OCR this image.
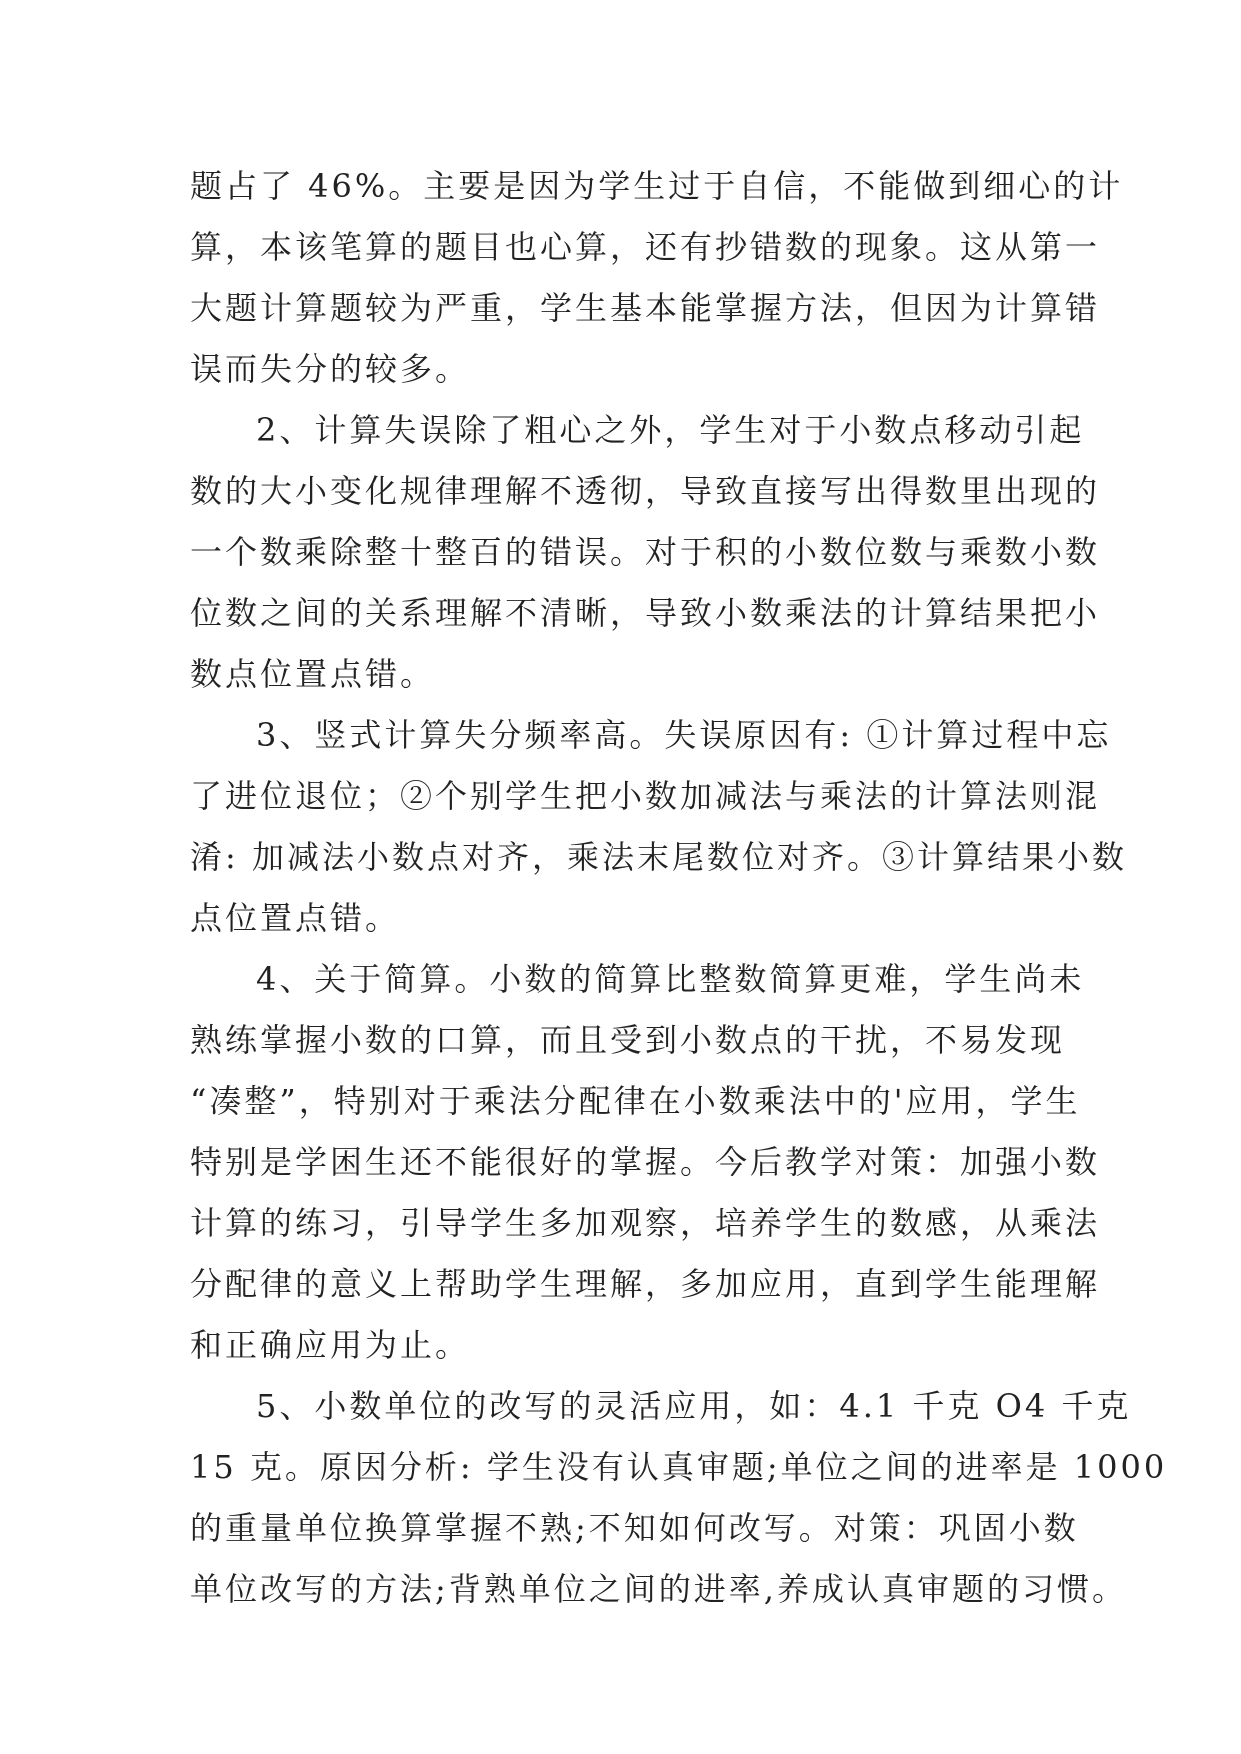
题占了 46%。主要是因为学生过于自信，不能做到细心的计

算，本该笔算的题目也心算，还有抄错数的现象。这从第一

大题计算题较为严重，学生基本能掌握方法，但因为计算错

误而失分的较多。

2、计算失误除了粗心之外，学生对于小数点移动引起

数的大小变化规律理解不透彻，导致直接写出得数里出现的

一个数乘除整十整百的错误。对于积的小数位数与乘数小数

位数之间的关系理解不清晰，导致小数乘法的计算结果把小

数点位置点错。

3、竖式计算失分频率高。失误原因有: ①计算过程中忘

了进位退位；②个别学生把小数加减法与乘法的计算法则混

淆: 加减法小数点对齐，乘法末尾数位对齐。③计算结果小数

点位置点错。

4、关于简算。小数的简算比整数简算更难，学生尚未

熟练掌握小数的口算，而且受到小数点的干扰，不易发现

“凑整”，特别对于乘法分配律在小数乘法中的'应用，学生

特别是学困生还不能很好的掌握。今后教学对策：加强小数

计算的练习，引导学生多加观察，培养学生的数感，从乘法

分配律的意义上帮助学生理解，多加应用，直到学生能理解

和正确应用为止。

5、小数单位的改写的灵活应用，如：4.1 千克 O4 千克

15 克。原因分析: 学生没有认真审题;单位之间的进率是 1000

的重量单位换算掌握不熟;不知如何改写。对策：巩固小数

单位改写的方法;背熟单位之间的进率,养成认真审题的习惯。
